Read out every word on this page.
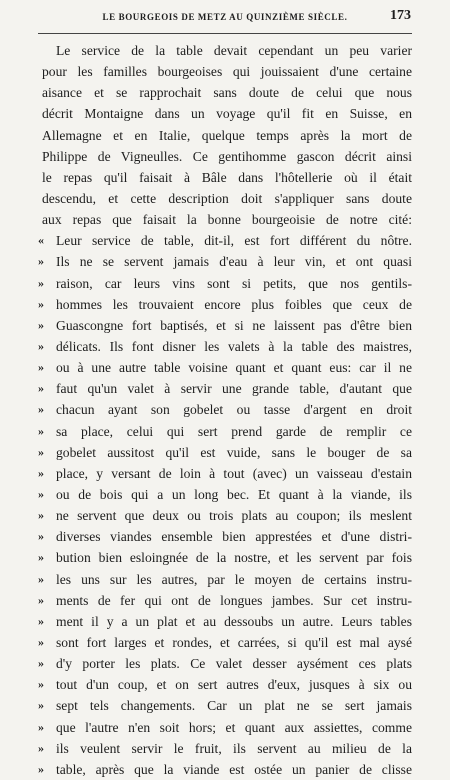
LE BOURGEOIS DE METZ AU QUINZIÈME SIÈCLE.	173
Le service de la table devait cependant un peu varier
pour les familles bourgeoises qui jouissaient d'une certaine
aisance et se rapprochait sans doute de celui que nous
décrit Montaigne dans un voyage qu'il fit en Suisse, en
Allemagne et en Italie, quelque temps après la mort de
Philippe de Vigneulles. Ce gentihomme gascon décrit ainsi
le repas qu'il faisait à Bâle dans l'hôtellerie où il était
descendu, et cette description doit s'appliquer sans doute
aux repas que faisait la bonne bourgeoisie de notre cité:
« Leur service de table, dit-il, est fort différent du nôtre.
» Ils ne se servent jamais d'eau à leur vin, et ont quasi
» raison, car leurs vins sont si petits, que nos gentils-
» hommes les trouvaient encore plus foibles que ceux de
» Guascongne fort baptisés, et si ne laissent pas d'être bien
» délicats. Ils font disner les valets à la table des maistres,
» ou à une autre table voisine quant et quant eus: car il ne
» faut qu'un valet à servir une grande table, d'autant que
» chacun ayant son gobelet ou tasse d'argent en droit
» sa place, celui qui sert prend garde de remplir ce
» gobelet aussitost qu'il est vuide, sans le bouger de sa
» place, y versant de loin à tout (avec) un vaisseau d'estain
» ou de bois qui a un long bec. Et quant à la viande, ils
» ne servent que deux ou trois plats au coupon; ils meslent
» diverses viandes ensemble bien apprestées et d'une distri-
» bution bien esloingnée de la nostre, et les servent par fois
» les uns sur les autres, par le moyen de certains instru-
» ments de fer qui ont de longues jambes. Sur cet instru-
» ment il y a un plat et au dessoubs un autre. Leurs tables
» sont fort larges et rondes, et carrées, si qu'il est mal aysé
» d'y porter les plats. Ce valet desser aysément ces plats
» tout d'un coup, et on sert autres d'eux, jusques à six ou
» sept tels changements. Car un plat ne se sert jamais
» que l'autre n'en soit hors; et quant aux assiettes, comme
» ils veulent servir le fruit, ils servent au milieu de la
» table, après que la viande est ostée un panier de clisse
